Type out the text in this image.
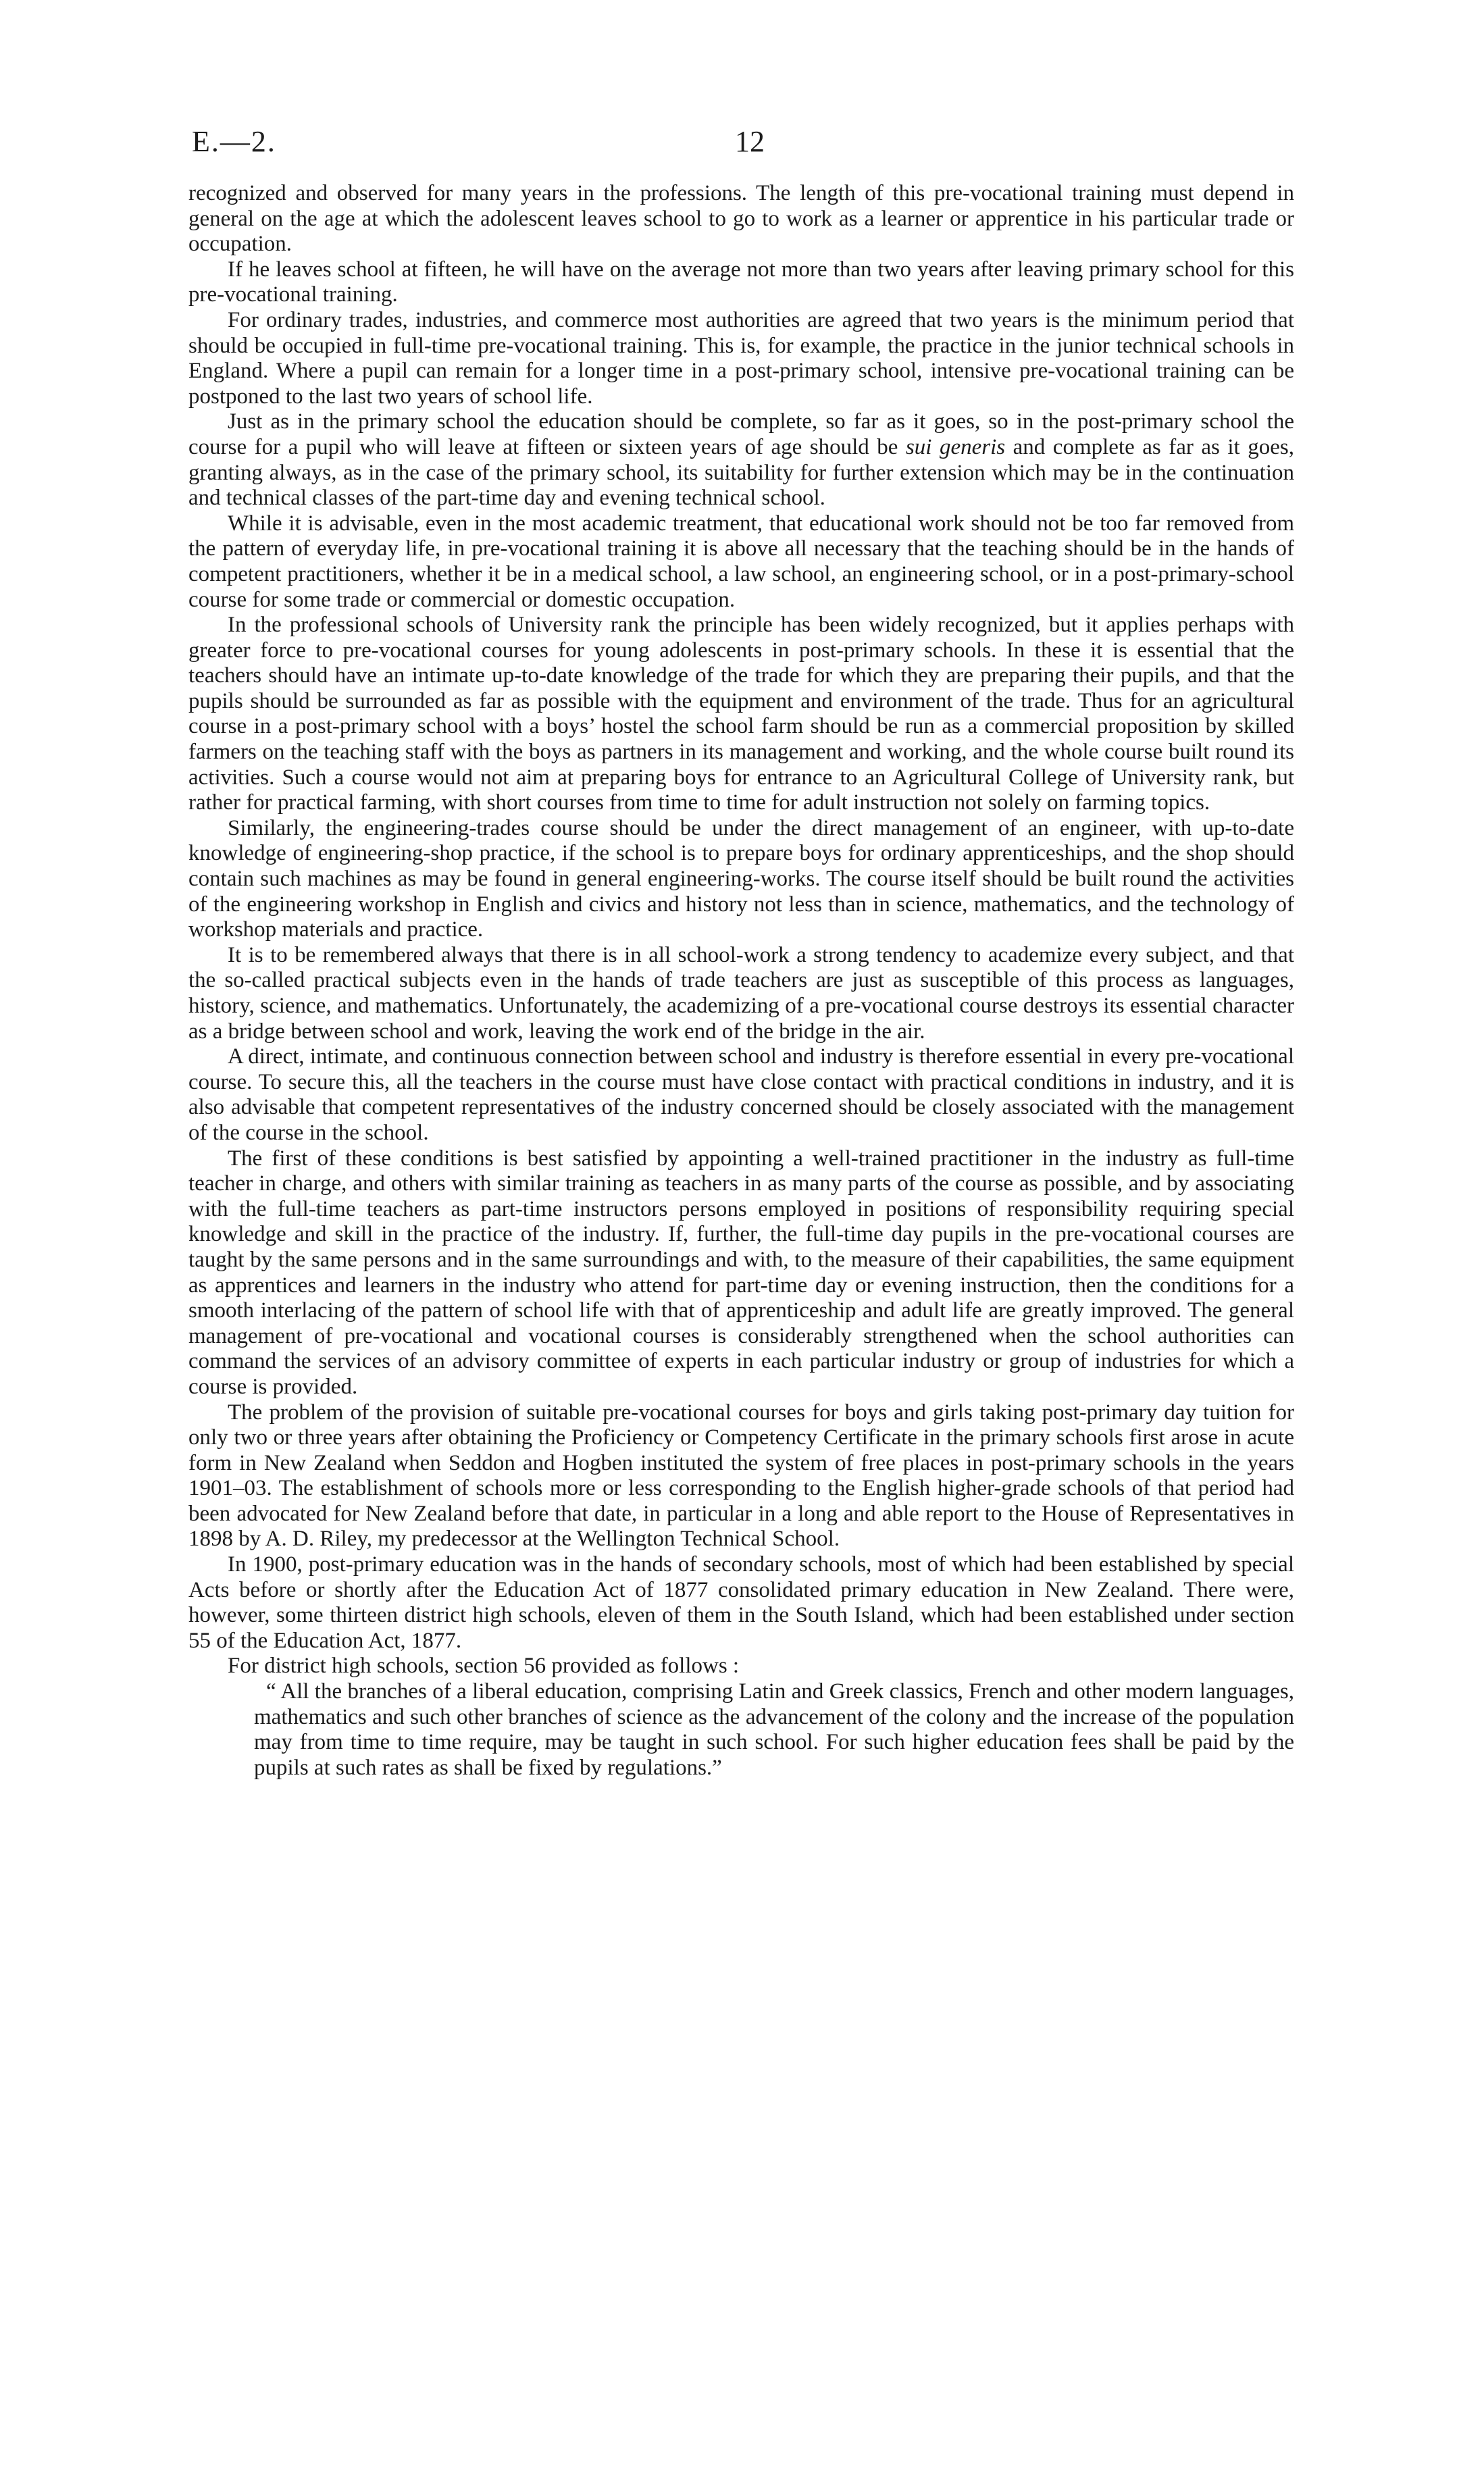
E.—2.	12

recognized and observed for many years in the professions. The length of this pre-vocational training must depend in general on the age at which the adolescent leaves school to go to work as a learner or apprentice in his particular trade or occupation.

If he leaves school at fifteen, he will have on the average not more than two years after leaving primary school for this pre-vocational training.

For ordinary trades, industries, and commerce most authorities are agreed that two years is the minimum period that should be occupied in full-time pre-vocational training. This is, for example, the practice in the junior technical schools in England. Where a pupil can remain for a longer time in a post-primary school, intensive pre-vocational training can be postponed to the last two years of school life.

Just as in the primary school the education should be complete, so far as it goes, so in the post-primary school the course for a pupil who will leave at fifteen or sixteen years of age should be sui generis and complete as far as it goes, granting always, as in the case of the primary school, its suitability for further extension which may be in the continuation and technical classes of the part-time day and evening technical school.

While it is advisable, even in the most academic treatment, that educational work should not be too far removed from the pattern of everyday life, in pre-vocational training it is above all necessary that the teaching should be in the hands of competent practitioners, whether it be in a medical school, a law school, an engineering school, or in a post-primary-school course for some trade or commercial or domestic occupation.

In the professional schools of University rank the principle has been widely recognized, but it applies perhaps with greater force to pre-vocational courses for young adolescents in post-primary schools. In these it is essential that the teachers should have an intimate up-to-date knowledge of the trade for which they are preparing their pupils, and that the pupils should be surrounded as far as possible with the equipment and environment of the trade. Thus for an agricultural course in a post-primary school with a boys’ hostel the school farm should be run as a commercial proposition by skilled farmers on the teaching staff with the boys as partners in its management and working, and the whole course built round its activities. Such a course would not aim at preparing boys for entrance to an Agricultural College of University rank, but rather for practical farming, with short courses from time to time for adult instruction not solely on farming topics.

Similarly, the engineering-trades course should be under the direct management of an engineer, with up-to-date knowledge of engineering-shop practice, if the school is to prepare boys for ordinary apprenticeships, and the shop should contain such machines as may be found in general engineering-works. The course itself should be built round the activities of the engineering workshop in English and civics and history not less than in science, mathematics, and the technology of workshop materials and practice.

It is to be remembered always that there is in all school-work a strong tendency to academize every subject, and that the so-called practical subjects even in the hands of trade teachers are just as susceptible of this process as languages, history, science, and mathematics. Unfortunately, the academizing of a pre-vocational course destroys its essential character as a bridge between school and work, leaving the work end of the bridge in the air.

A direct, intimate, and continuous connection between school and industry is therefore essential in every pre-vocational course. To secure this, all the teachers in the course must have close contact with practical conditions in industry, and it is also advisable that competent representatives of the industry concerned should be closely associated with the management of the course in the school.

The first of these conditions is best satisfied by appointing a well-trained practitioner in the industry as full-time teacher in charge, and others with similar training as teachers in as many parts of the course as possible, and by associating with the full-time teachers as part-time instructors persons employed in positions of responsibility requiring special knowledge and skill in the practice of the industry. If, further, the full-time day pupils in the pre-vocational courses are taught by the same persons and in the same surroundings and with, to the measure of their capabilities, the same equipment as apprentices and learners in the industry who attend for part-time day or evening instruction, then the conditions for a smooth interlacing of the pattern of school life with that of apprenticeship and adult life are greatly improved. The general management of pre-vocational and vocational courses is considerably strengthened when the school authorities can command the services of an advisory committee of experts in each particular industry or group of industries for which a course is provided.

The problem of the provision of suitable pre-vocational courses for boys and girls taking post-primary day tuition for only two or three years after obtaining the Proficiency or Competency Certificate in the primary schools first arose in acute form in New Zealand when Seddon and Hogben instituted the system of free places in post-primary schools in the years 1901–03. The establishment of schools more or less corresponding to the English higher-grade schools of that period had been advocated for New Zealand before that date, in particular in a long and able report to the House of Representatives in 1898 by A. D. Riley, my predecessor at the Wellington Technical School.

In 1900, post-primary education was in the hands of secondary schools, most of which had been established by special Acts before or shortly after the Education Act of 1877 consolidated primary education in New Zealand. There were, however, some thirteen district high schools, eleven of them in the South Island, which had been established under section 55 of the Education Act, 1877.

For district high schools, section 56 provided as follows :

“ All the branches of a liberal education, comprising Latin and Greek classics, French and other modern languages, mathematics and such other branches of science as the advancement of the colony and the increase of the population may from time to time require, may be taught in such school. For such higher education fees shall be paid by the pupils at such rates as shall be fixed by regulations.”
